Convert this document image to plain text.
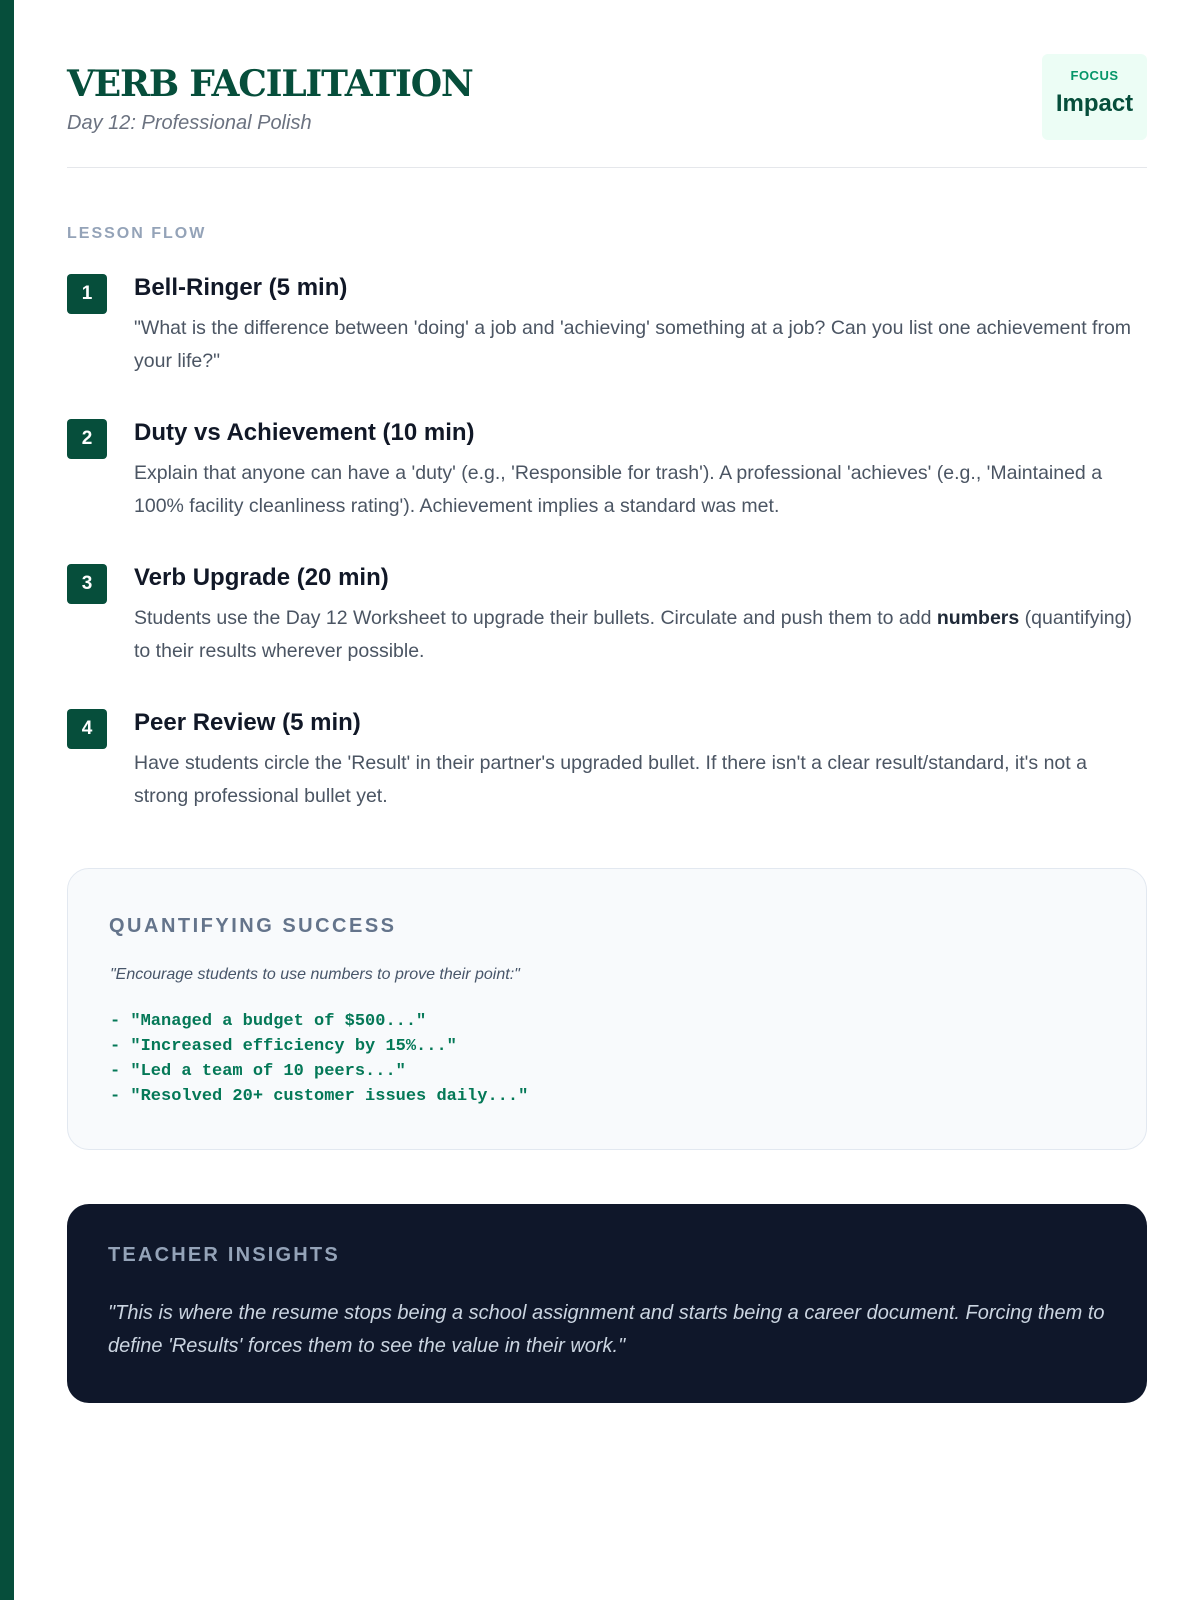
VERB FACILITATION
Day 12: Professional Polish
FOCUS
Impact
LESSON FLOW
1	Bell-Ringer (5 min)
"What is the difference between 'doing' a job and 'achieving' something at a job? Can you list one achievement from your life?"
2	Duty vs Achievement (10 min)
Explain that anyone can have a 'duty' (e.g., 'Responsible for trash'). A professional 'achieves' (e.g., 'Maintained a 100% facility cleanliness rating'). Achievement implies a standard was met.
3	Verb Upgrade (20 min)
Students use the Day 12 Worksheet to upgrade their bullets. Circulate and push them to add numbers (quantifying) to their results wherever possible.
4	Peer Review (5 min)
Have students circle the 'Result' in their partner's upgraded bullet. If there isn't a clear result/standard, it's not a strong professional bullet yet.
QUANTIFYING SUCCESS
"Encourage students to use numbers to prove their point:"
- "Managed a budget of $500..."
- "Increased efficiency by 15%..."
- "Led a team of 10 peers..."
- "Resolved 20+ customer issues daily..."
TEACHER INSIGHTS
"This is where the resume stops being a school assignment and starts being a career document. Forcing them to define 'Results' forces them to see the value in their work."
